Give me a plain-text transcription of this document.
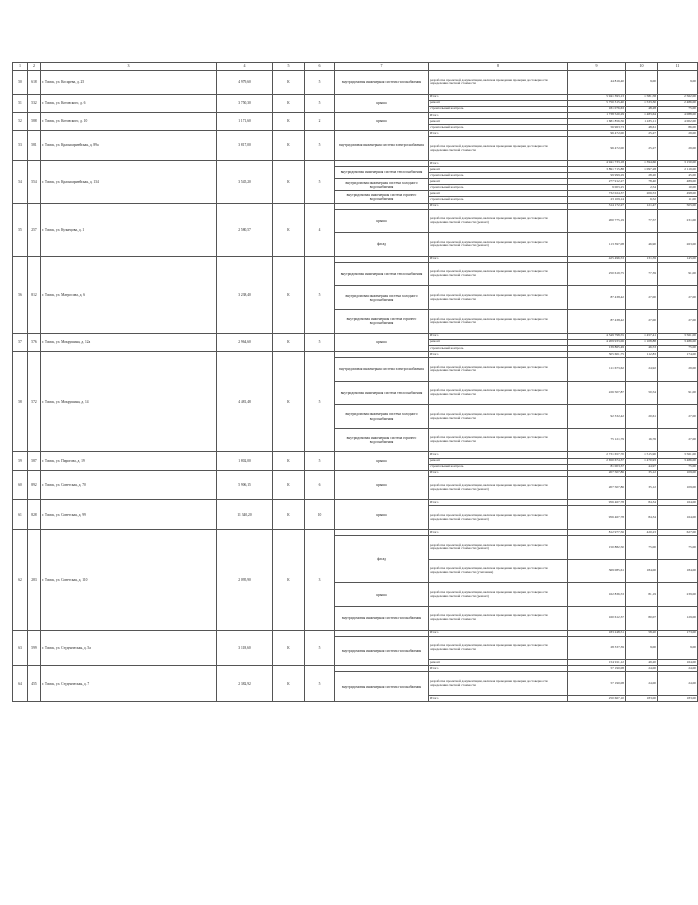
1	2	3	4	5	6	7	8	9	10	11
50	618	г. Томск, ул. Косарева, д. 25	4 979,60	К	5	внутридомовая инженерная система газоснабжения	разработка проектной документации, включая проведение проверки достоверности определения сметной стоимости	44 816,40	9,00	9,00
51	532	г. Томск, ул. Котовского, д. 6	3 750,30	К	5	крыша	Итого	5 941 393,13	1 581,58	2 562,00
							ремонт	5 750 315,40	1 533,30	2 486,00
							строительный контроль	181 076,63	48,28	75,00
52	588	г. Томск, ул. Котовского, д. 10	1 171,60	К	2	крыша	Итого	1 738 520,29	1 483,64	4 088,00
							ремонт	1 681 856,56	1 435,11	4 002,00
							строительный контроль	56 963,73	48,61	86,00
53	581	г. Томск, ул. Красноармейская, д. 89а	3 817,00	К	5	внутридомовая инженерная система электроснабжения	Итого	96 472,00	25,27	29,00
							разработка проектной документации, включая проведение проверки достоверности определения сметной стоимости	96 472,00	25,27	29,00
54	554	г. Томск, ул. Красноармейская, д. 134	3 545,20	К	5		Итого	4 941 733,18	1 394,66	3 150,00
						внутридомовая инженерная система теплоснабжения	ремонт	3 891 715,88	1 097,28	2 119,00
							строительный контроль	99 999,29	28,20	45,00
						внутридомовая инженерная система холодного водоснабжения	ремонт	277 912,27	78,40	489,00
							строительный контроль	9 003,25	2,54	10,00
						внутридомовая инженерная система горячего водоснабжения	ремонт	732 024,37	206,53	498,00
							строительный контроль	23 109,14	6,52	11,00
55	257	г. Томск, ул. Кузнецова, д. 1	2 580,57	К	4		Итого	314 172,27	121,47	505,00
						крыша	разработка проектной документации, включая проведение проверки достоверности определения сметной стоимости (ремонт)	200 775,19	77,57	231,00
						фасад	разработка проектной документации, включая проведение проверки достоверности определения сметной стоимости (ремонт)	113 397,08	46,90	263,00
56	812	г. Томск, ул. Матросова, д. 6	3 238,40	К	5		Итого	425 496,53	131,39	145,00
						внутридомовая инженерная система теплоснабжения	разработка проектной документации, включая проведение проверки достоверности определения сметной стоимости	250 619,75	77,39	91,00
						внутридомовая инженерная система холодного водоснабжения	разработка проектной документации, включая проведение проверки достоверности определения сметной стоимости	87 438,42	27,00	27,00
						внутридомовая инженерная система горячего водоснабжения	разработка проектной документации, включая проведение проверки достоверности определения сметной стоимости	87 438,42	27,00	27,00
57	576	г. Томск, ул. Мокрушина, д. 12а	2 964,60	К	5	крыша	Итого	4 349 798,55	1 457,41	3 561,00
							ремонт	4 209 933,06	1 108,88	3 486,00
							строительный контроль	139 865,49	46,53	75,00
58	572	г. Томск, ул. Мокрушина, д. 14	4 481,48	К	5		Итого	505 601,75	112,83	174,00
						внутридомовая инженерная система электроснабжения	разработка проектной документации, включая проведение проверки достоверности определения сметной стоимости	111 673,62	24,92	29,00
						внутридомовая инженерная система теплоснабжения	разработка проектной документации, включая проведение проверки достоверности определения сметной стоимости	226 507,87	50,54	91,00
						внутридомовая инженерная система холодного водоснабжения	разработка проектной документации, включая проведение проверки достоверности определения сметной стоимости	92 332,42	20,61	27,00
						внутридомовая инженерная система горячего водоснабжения	разработка проектной документации, включая проведение проверки достоверности определения сметной стоимости	75 121,79	16,76	27,00
59	587	г. Томск, ул. Пирогова, д. 19	1 802,00	К	5	крыша	Итого	2 731 657,70	1 515,90	3 561,00
							ремонт	2 650 674,37	1 470,93	3 486,00
							строительный контроль	81 003,37	44,97	75,00
60	892	г. Томск, ул. Советская, д. 70	5 906,15	К	6	крыша	Итого	207 507,86	35,12	109,00
							разработка проектной документации, включая проведение проверки достоверности определения сметной стоимости (ремонт)	207 507,86	35,12	109,00
61	828	г. Томск, ул. Советская, д. 99	11 340,20	К	10	крыша	Итого	956 467,78	84,34	164,00
							разработка проектной документации, включая проведение проверки достоверности определения сметной стоимости (ремонт)	956 467,78	84,34	164,00
62	283	г. Томск, ул. Советская, д. 110	2 095,90	К	3		Итого	812 977,56	420,23	627,00
						фасад	разработка проектной документации, включая проведение проверки достоверности определения сметной стоимости (ремонт)	150 882,50	75,00	75,00
							разработка проектной документации, включая проведение проверки достоверности определения сметной стоимости (утепление)	369 085,61	184,00	184,00
						крыша	разработка проектной документации, включая проведение проверки достоверности определения сметной стоимости (ремонт)	162 836,53	81,19	239,00
						внутридомовая инженерная система газоснабжения	разработка проектной документации, включая проведение проверки достоверности определения сметной стоимости	160 612,37	80,07	129,00
63	599	г. Томск, ул. Студенческая, д. 5а	3 118,60	К	5		Итого	183 248,51	58,20	173,00
						внутридомовая инженерная система газоснабжения	разработка проектной документации, включая проведение проверки достоверности определения сметной стоимости	28 337,39	9,00	9,00
							ремонт	154 911,12	49,20	164,00
64	455	г. Томск, ул. Студенческая, д. 7	2 382,92	К	5		Итого	57 190,08	24,00	24,00
						внутридомовая инженерная система газоснабжения	разработка проектной документации, включая проведение проверки достоверности определения сметной стоимости	57 190,08	24,00	24,00
							Итого	250 667,10	183,00	183,00
